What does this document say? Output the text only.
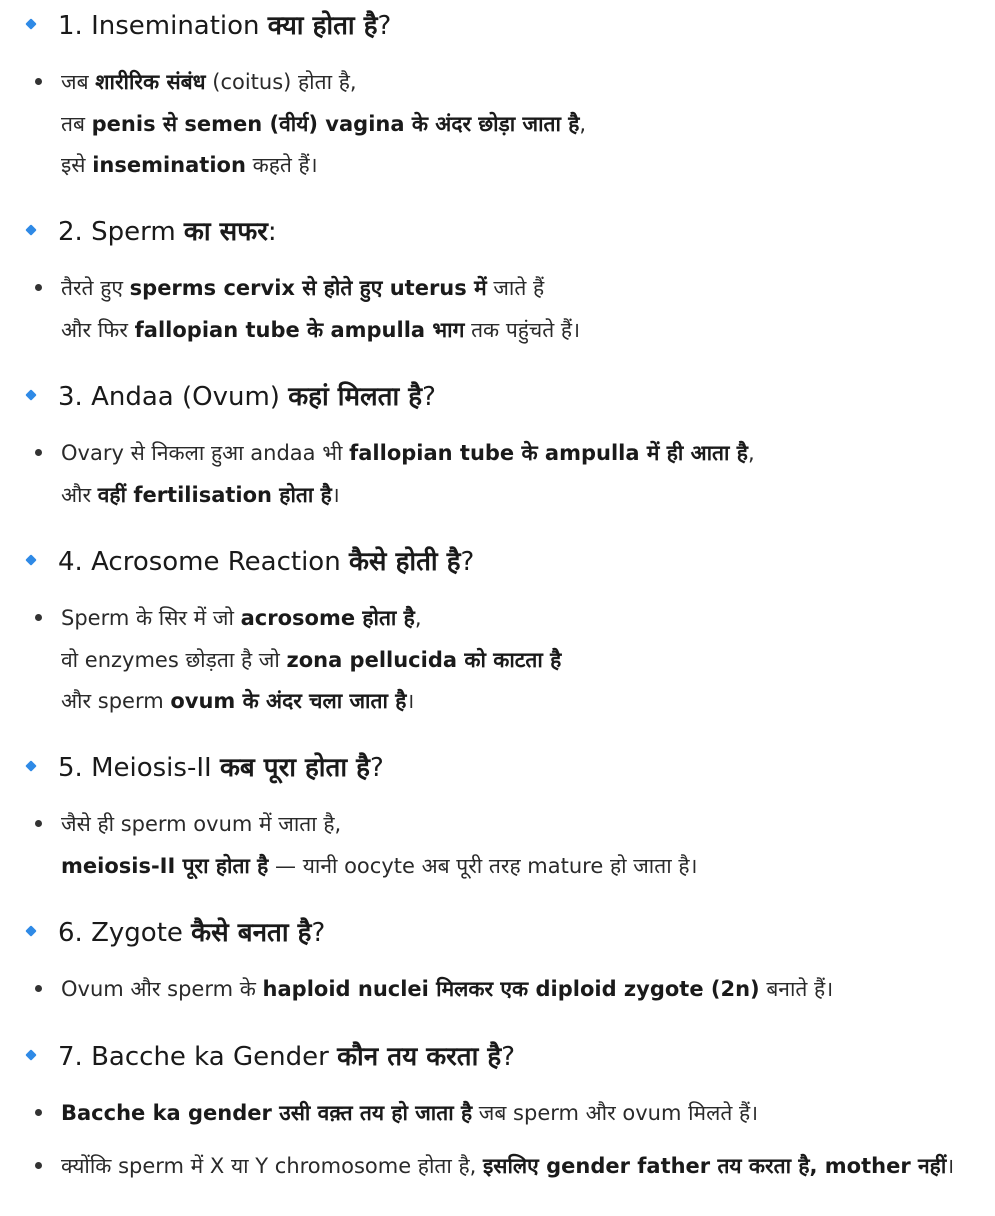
1. Insemination क्या होता है?
जब शारीरिक संबंध (coitus) होता है,
तब penis से semen (वीर्य) vagina के अंदर छोड़ा जाता है,
इसे insemination कहते हैं।
2. Sperm का सफर:
तैरते हुए sperms cervix से होते हुए uterus में जाते हैं
और फिर fallopian tube के ampulla भाग तक पहुंचते हैं।
3. Andaa (Ovum) कहां मिलता है?
Ovary से निकला हुआ andaa भी fallopian tube के ampulla में ही आता है,
और वहीं fertilisation होता है।
4. Acrosome Reaction कैसे होती है?
Sperm के सिर में जो acrosome होता है,
वो enzymes छोड़ता है जो zona pellucida को काटता है
और sperm ovum के अंदर चला जाता है।
5. Meiosis-II कब पूरा होता है?
जैसे ही sperm ovum में जाता है,
meiosis-II पूरा होता है — यानी oocyte अब पूरी तरह mature हो जाता है।
6. Zygote कैसे बनता है?
Ovum और sperm के haploid nuclei मिलकर एक diploid zygote (2n) बनाते हैं।
7. Bacche ka Gender कौन तय करता है?
Bacche ka gender उसी वक़्त तय हो जाता है जब sperm और ovum मिलते हैं।
क्योंकि sperm में X या Y chromosome होता है, इसलिए gender father तय करता है, mother नहीं।
